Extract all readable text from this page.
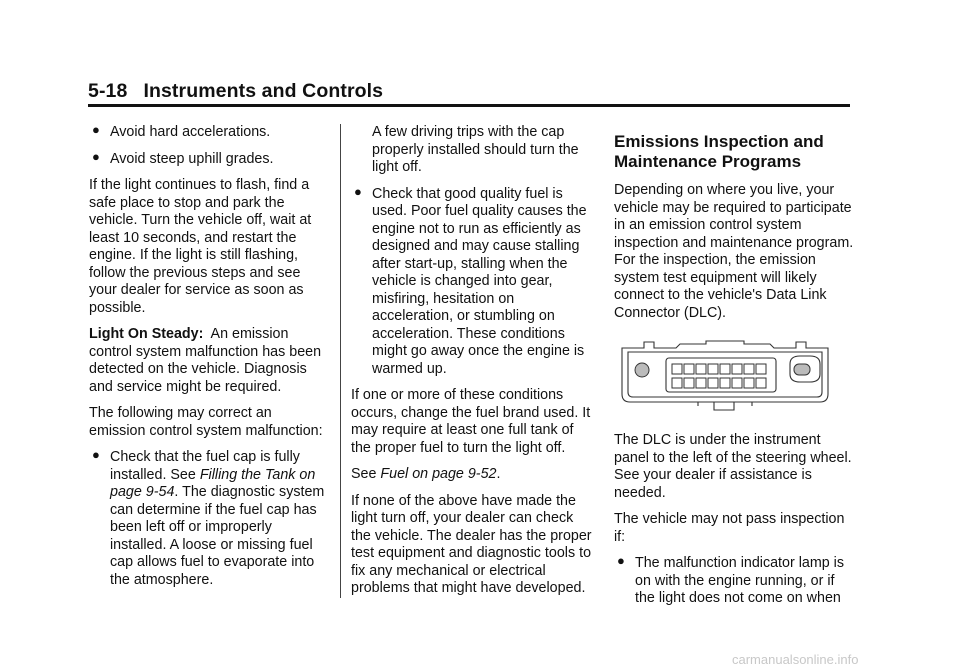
5-18 Instruments and Controls
● Avoid hard accelerations.
● Avoid steep uphill grades.

If the light continues to flash, find a safe place to stop and park the vehicle. Turn the vehicle off, wait at least 10 seconds, and restart the engine. If the light is still flashing, follow the previous steps and see your dealer for service as soon as possible.

Light On Steady:  An emission control system malfunction has been detected on the vehicle. Diagnosis and service might be required.

The following may correct an emission control system malfunction:

● Check that the fuel cap is fully installed. See Filling the Tank on page 9-54. The diagnostic system can determine if the fuel cap has been left off or improperly installed. A loose or missing fuel cap allows fuel to evaporate into the atmosphere.
A few driving trips with the cap properly installed should turn the light off.
● Check that good quality fuel is used. Poor fuel quality causes the engine not to run as efficiently as designed and may cause stalling after start-up, stalling when the vehicle is changed into gear, misfiring, hesitation on acceleration, or stumbling on acceleration. These conditions might go away once the engine is warmed up.

If one or more of these conditions occurs, change the fuel brand used. It may require at least one full tank of the proper fuel to turn the light off.

See Fuel on page 9-52.

If none of the above have made the light turn off, your dealer can check the vehicle. The dealer has the proper test equipment and diagnostic tools to fix any mechanical or electrical problems that might have developed.

Emissions Inspection and Maintenance Programs

Depending on where you live, your vehicle may be required to participate in an emission control system inspection and maintenance program. For the inspection, the emission system test equipment will likely connect to the vehicle's Data Link Connector (DLC).

The DLC is under the instrument panel to the left of the steering wheel. See your dealer if assistance is needed.

The vehicle may not pass inspection if:

● The malfunction indicator lamp is on with the engine running, or if the light does not come on when
carmanualsonline.info
